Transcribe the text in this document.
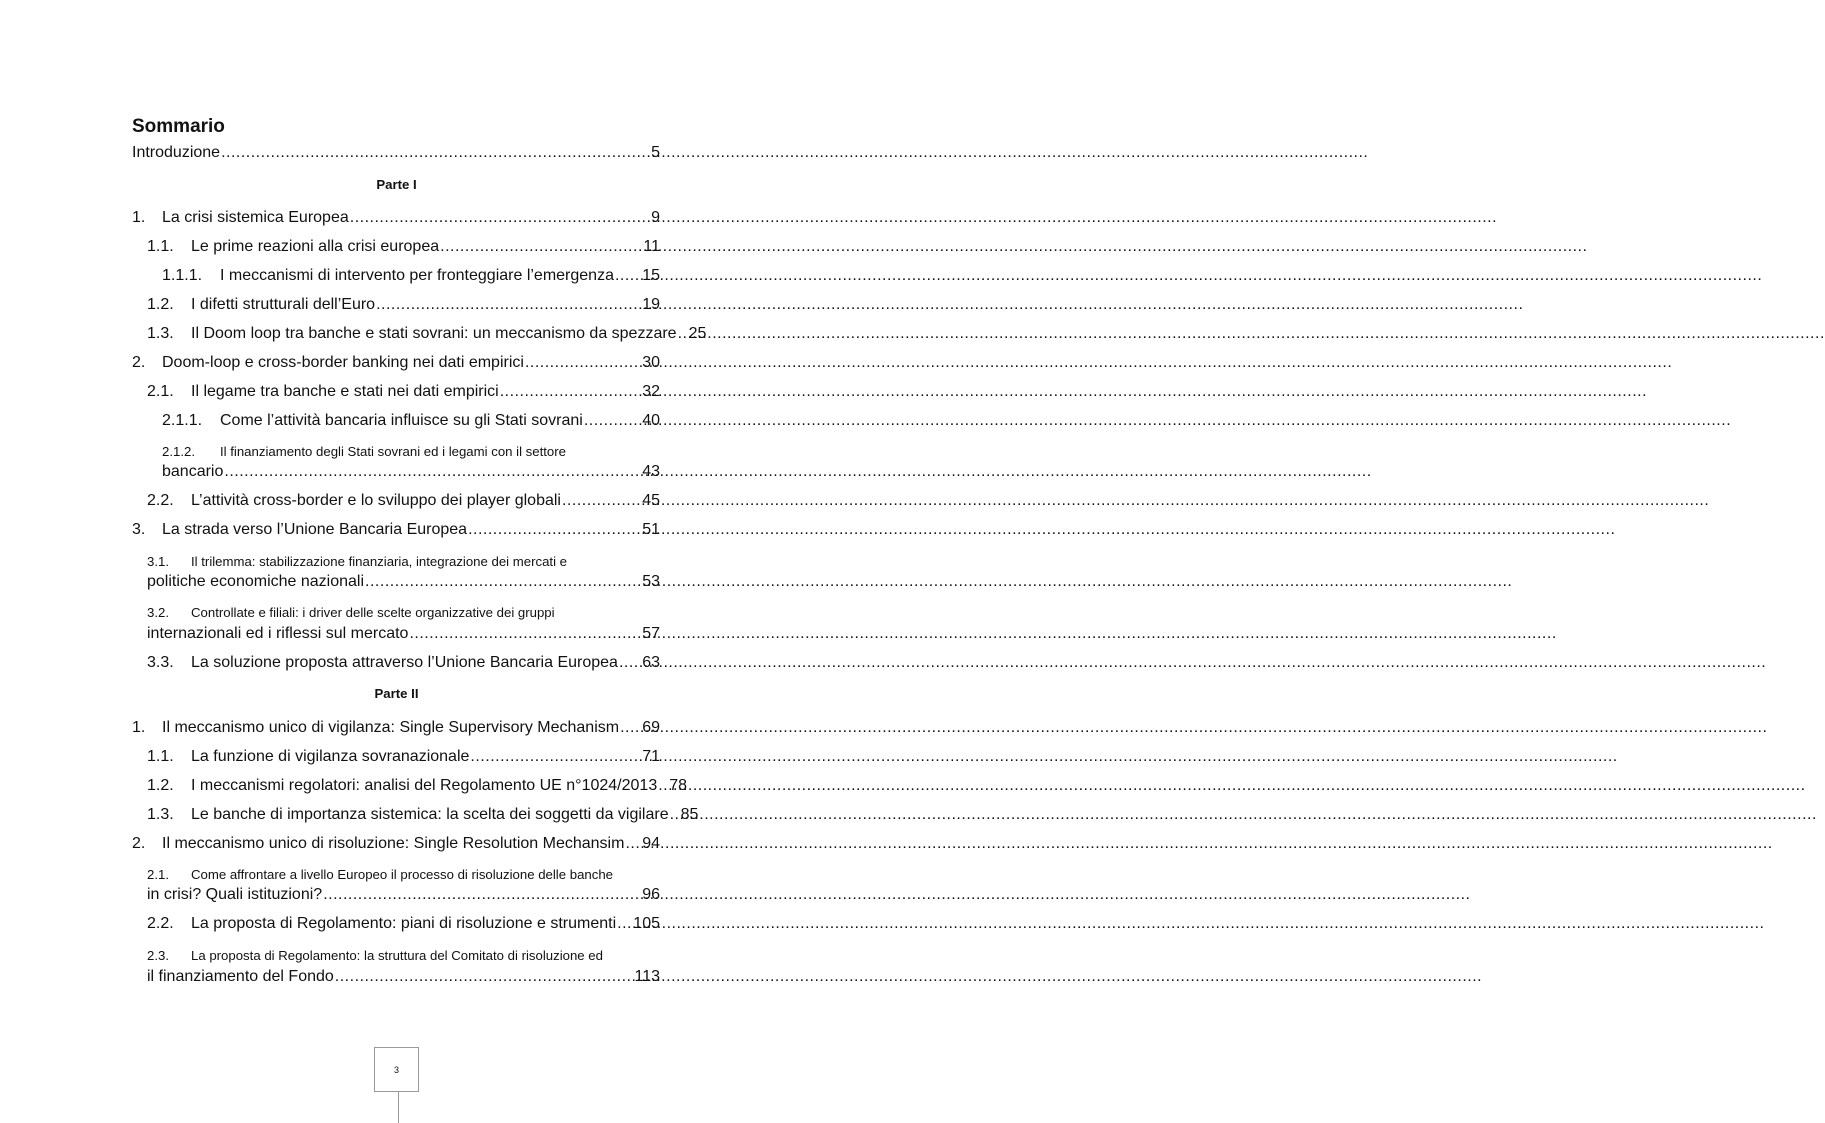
Sommario
Introduzione .....	5
Parte I
1.	La crisi sistemica Europea .....	9
1.1.	Le prime reazioni alla crisi europea .....	11
1.1.1.	I meccanismi di intervento per fronteggiare l’emergenza ..... 15
1.2.	I difetti strutturali dell’Euro .....	19
1.3.	Il Doom loop tra banche e stati sovrani: un meccanismo da spezzare ..... 25
2.	Doom-loop e cross-border banking nei dati empirici .....	30
2.1.	Il legame tra banche e stati nei dati empirici .....	32
2.1.1.	Come l’attività bancaria influisce su gli Stati sovrani .....	40
2.1.2. Il finanziamento degli Stati sovrani ed i legami con il settore
bancario .....	43
2.2.	L’attività cross-border e lo sviluppo dei player globali .....	45
3.	La strada verso l’Unione Bancaria Europea .....	51
3.1. Il trilemma: stabilizzazione finanziaria, integrazione dei mercati e
politiche economiche nazionali .....	53
3.2. Controllate e filiali: i driver delle scelte organizzative dei gruppi
internazionali ed i riflessi sul mercato .....	57
3.3.	La soluzione proposta attraverso l’Unione Bancaria Europea ..... 63
Parte II
1.	Il meccanismo unico di vigilanza: Single Supervisory Mechanism ..... 69
1.1.	La funzione di vigilanza sovranazionale .....	71
1.2.	I meccanismi regolatori: analisi del Regolamento UE n°1024/2013 ..... 78
1.3.	Le banche di importanza sistemica: la scelta dei soggetti da vigilare ..... 85
2.	Il meccanismo unico di risoluzione: Single Resolution Mechansim ..... 94
2.1. Come affrontare a livello Europeo il processo di risoluzione delle banche
in crisi? Quali istituzioni? .....	96
2.2.	La proposta di Regolamento: piani di risoluzione e strumenti ..... 105
2.3. La proposta di Regolamento: la struttura del Comitato di risoluzione ed
il finanziamento del Fondo .....	113
3
